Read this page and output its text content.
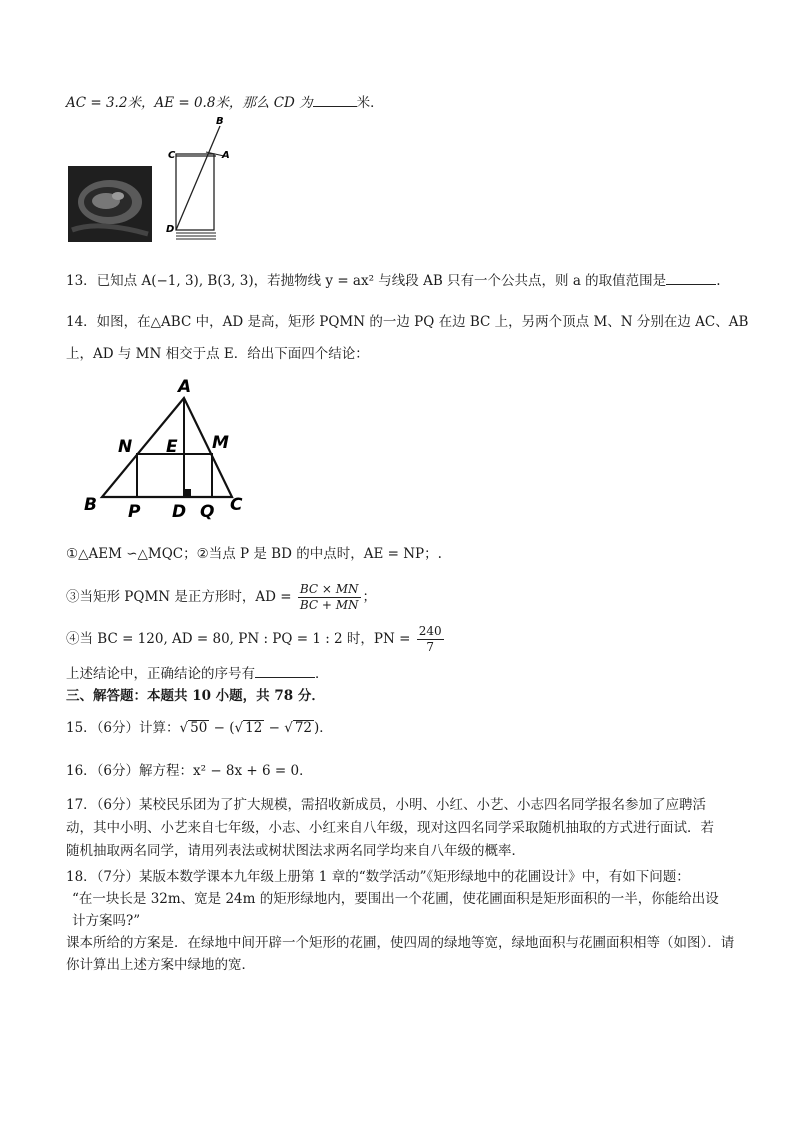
AC = 3.2米，AE = 0.8米，那么 CD 为	米．
B
C	A
D
13．已知点 A(−1, 3), B(3, 3)，若抛物线 y = ax² 与线段 AB 只有一个公共点，则 a 的取值范围是	.
14．如图，在△ABC 中，AD 是高，矩形 PQMN 的一边 PQ 在边 BC 上，另两个顶点 M、N 分别在边 AC、AB
上，AD 与 MN 相交于点 E．给出下面四个结论：
A
N E M
B P D Q C
①△AEM ∽△MQC；②当点 P 是 BD 的中点时，AE = NP；.
③当矩形 PQMN 是正方形时，AD = $\frac{BC \times MN}{BC + MN}$ ；
④当 BC = 120, AD = 80, PN : PQ = 1 : 2 时，PN = $\frac{240}{7}$
上述结论中，正确结论的序号有	．
三、解答题：本题共 10 小题，共 78 分．
15．（6分）计算：√ 50 − (√ 12 − √ 72 )．
16．（6分）解方程：x² − 8x + 6 = 0．
17．（6分）某校民乐团为了扩大规模，需招收新成员，小明、小红、小艺、小志四名同学报名参加了应聘活
动，其中小明、小艺来自七年级，小志、小红来自八年级，现对这四名同学采取随机抽取的方式进行面试．若
随机抽取两名同学，请用列表法或树状图法求两名同学均来自八年级的概率．
18．（7分）某版本数学课本九年级上册第 1 章的“数学活动”《矩形绿地中的花圃设计》中，有如下问题：
“在一块长是 32m、宽是 24m 的矩形绿地内，要围出一个花圃，使花圃面积是矩形面积的一半，你能给出设
计方案吗?”
课本所给的方案是．在绿地中间开辟一个矩形的花圃，使四周的绿地等宽，绿地面积与花圃面积相等（如图）．请
你计算出上述方案中绿地的宽．
